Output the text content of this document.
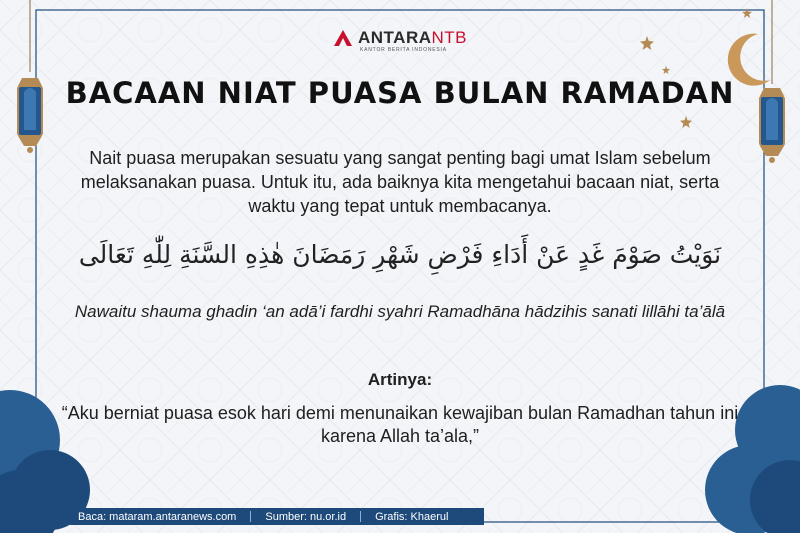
ANTARANTB
KANTOR BERITA INDONESIA
BACAAN NIAT PUASA BULAN RAMADAN
Nait puasa merupakan sesuatu yang sangat penting bagi umat Islam sebelum melaksanakan puasa. Untuk itu, ada baiknya kita mengetahui bacaan niat, serta waktu yang tepat untuk membacanya.
نَوَيْتُ صَوْمَ غَدٍ عَنْ أَدَاءِ فَرْضِ شَهْرِ رَمَضَانَ هٰذِهِ السَّنَةِ لِلّٰهِ تَعَالَى
Nawaitu shauma ghadin ‘an adā’i fardhi syahri Ramadhāna hādzihis sanati lillāhi ta’ālā
Artinya:
“Aku berniat puasa esok hari demi menunaikan kewajiban bulan Ramadhan tahun ini karena Allah ta’ala,”
Baca: mataram.antaranews.com	Sumber: nu.or.id	Grafis: Khaerul
